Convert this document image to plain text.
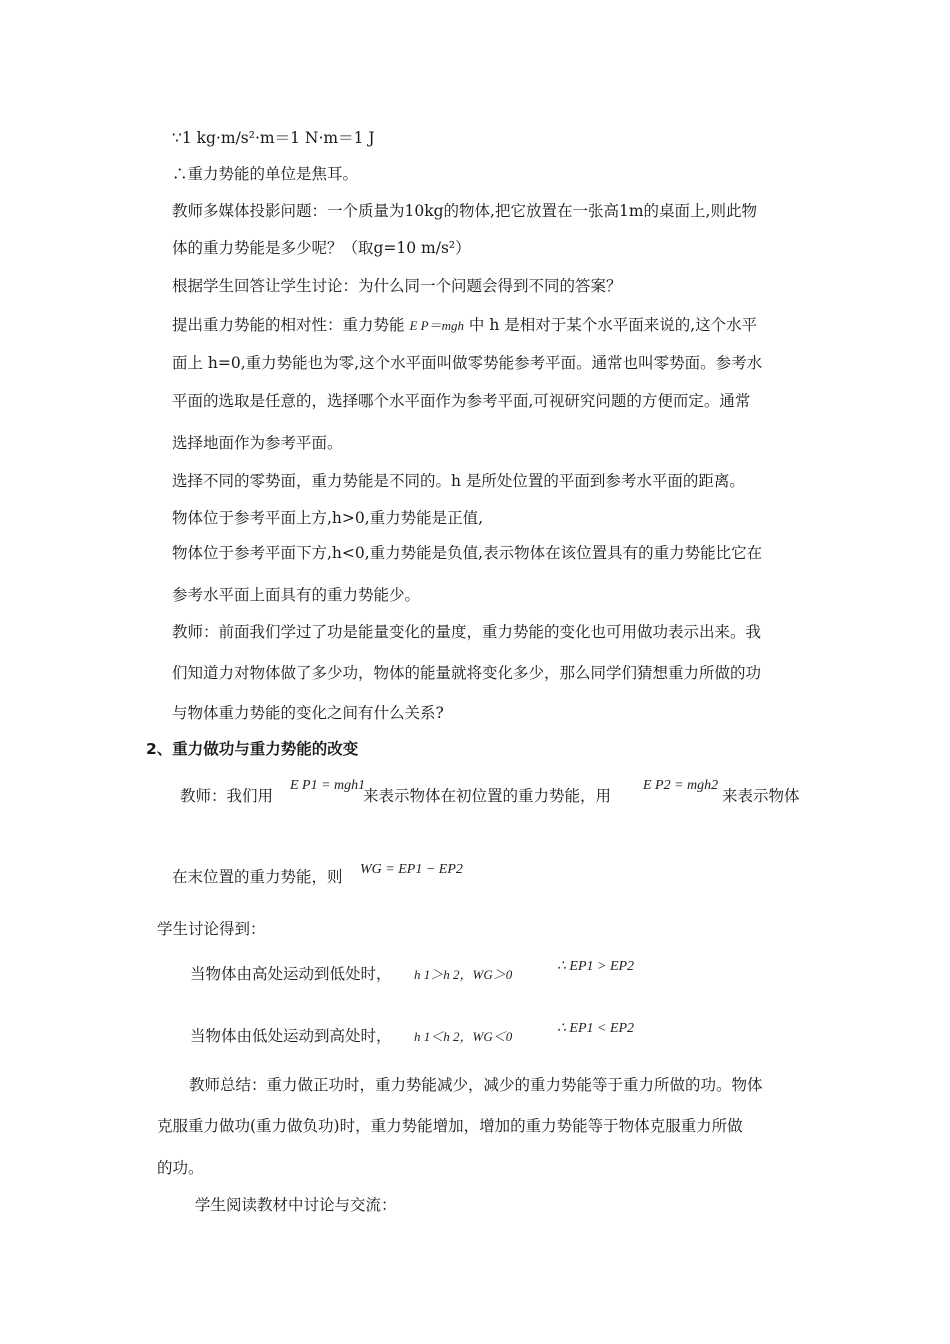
∵1 kg·m/s²·m＝1 N·m＝1 J
∴重力势能的单位是焦耳。
教师多媒体投影问题：一个质量为10kg的物体,把它放置在一张高1m的桌面上,则此物
体的重力势能是多少呢？（取g=10 m/s²）
根据学生回答让学生讨论：为什么同一个问题会得到不同的答案？
提出重力势能的相对性：重力势能 E P＝mgh 中 h 是相对于某个水平面来说的,这个水平
面上 h=0,重力势能也为零,这个水平面叫做零势能参考平面。通常也叫零势面。参考水
平面的选取是任意的，选择哪个水平面作为参考平面,可视研究问题的方便而定。通常
选择地面作为参考平面。
选择不同的零势面，重力势能是不同的。h 是所处位置的平面到参考水平面的距离。
物体位于参考平面上方,h>0,重力势能是正值,
物体位于参考平面下方,h<0,重力势能是负值,表示物体在该位置具有的重力势能比它在
参考水平面上面具有的重力势能少。
教师：前面我们学过了功是能量变化的量度，重力势能的变化也可用做功表示出来。我
们知道力对物体做了多少功，物体的能量就将变化多少，那么同学们猜想重力所做的功
与物体重力势能的变化之间有什么关系?
2、重力做功与重力势能的改变
教师：我们用
E P1 = mgh1
来表示物体在初位置的重力势能，用
E P2 = mgh2
来表示物体
在末位置的重力势能，则 WG = EP1 − EP2
学生讨论得到：
当物体由高处运动到低处时， h 1＞h 2，WG＞0
∴ EP1 > EP2
当物体由低处运动到高处时， h 1＜h 2，WG＜0
∴ EP1 < EP2
教师总结：重力做正功时，重力势能减少，减少的重力势能等于重力所做的功。物体
克服重力做功(重力做负功)时，重力势能增加，增加的重力势能等于物体克服重力所做
的功。
学生阅读教材中讨论与交流：
